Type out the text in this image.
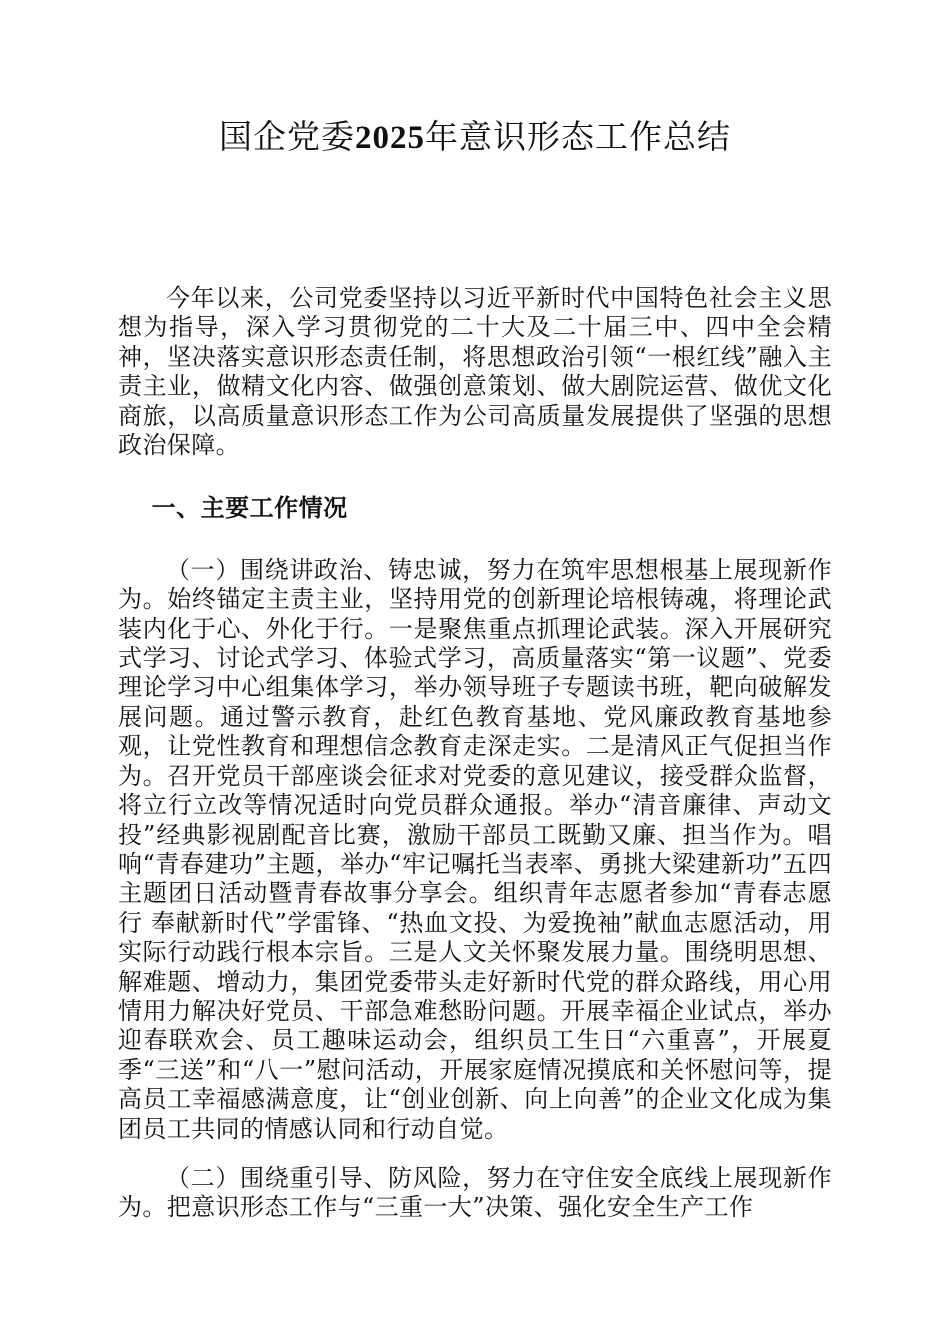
国企党委2025年意识形态工作总结

今年以来，公司党委坚持以习近平新时代中国特色社会主义思想为指导，深入学习贯彻党的二十大及二十届三中、四中全会精神，坚决落实意识形态责任制，将思想政治引领“一根红线”融入主责主业，做精文化内容、做强创意策划、做大剧院运营、做优文化商旅，以高质量意识形态工作为公司高质量发展提供了坚强的思想政治保障。

一、主要工作情况

（一）围绕讲政治、铸忠诚，努力在筑牢思想根基上展现新作为。始终锚定主责主业，坚持用党的创新理论培根铸魂，将理论武装内化于心、外化于行。一是聚焦重点抓理论武装。深入开展研究式学习、讨论式学习、体验式学习，高质量落实“第一议题”、党委理论学习中心组集体学习，举办领导班子专题读书班，靶向破解发展问题。通过警示教育，赴红色教育基地、党风廉政教育基地参观，让党性教育和理想信念教育走深走实。二是清风正气促担当作为。召开党员干部座谈会征求对党委的意见建议，接受群众监督，将立行立改等情况适时向党员群众通报。举办“清音廉律、声动文投”经典影视剧配音比赛，激励干部员工既勤又廉、担当作为。唱响“青春建功”主题，举办“牢记嘱托当表率、勇挑大梁建新功”五四主题团日活动暨青春故事分享会。组织青年志愿者参加“青春志愿行 奉献新时代”学雷锋、“热血文投、为爱挽袖”献血志愿活动，用实际行动践行根本宗旨。三是人文关怀聚发展力量。围绕明思想、解难题、增动力，集团党委带头走好新时代党的群众路线，用心用情用力解决好党员、干部急难愁盼问题。开展幸福企业试点，举办迎春联欢会、员工趣味运动会，组织员工生日“六重喜”，开展夏季“三送”和“八一”慰问活动，开展家庭情况摸底和关怀慰问等，提高员工幸福感满意度，让“创业创新、向上向善”的企业文化成为集团员工共同的情感认同和行动自觉。

（二）围绕重引导、防风险，努力在守住安全底线上展现新作为。把意识形态工作与“三重一大”决策、强化安全生产工作
